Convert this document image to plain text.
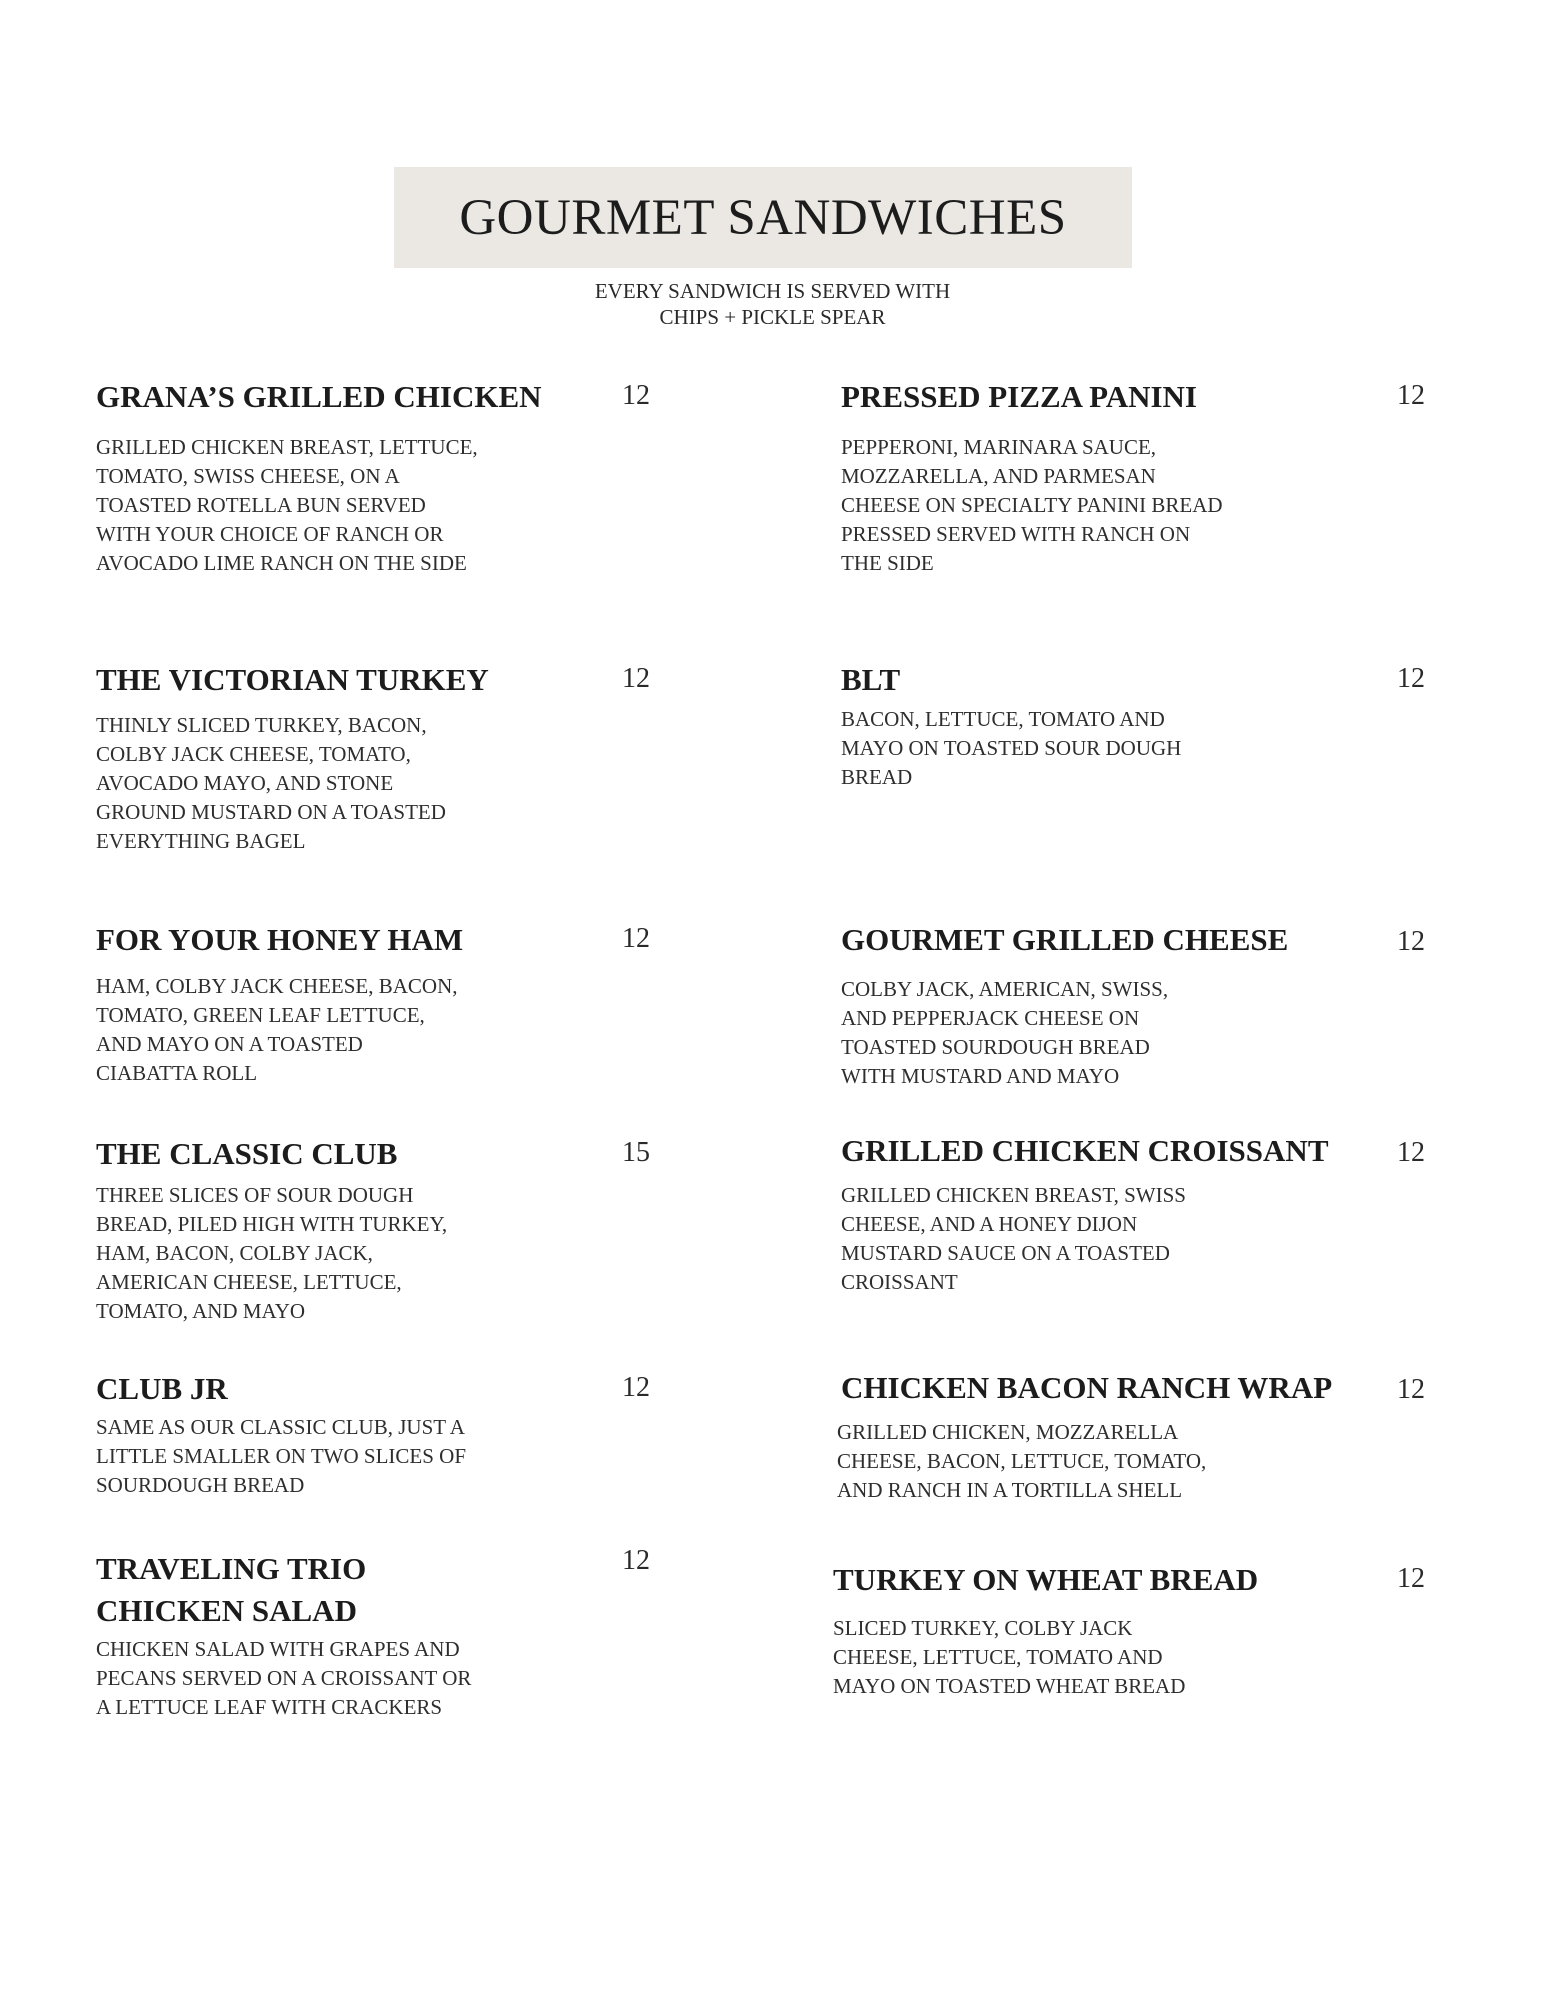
GOURMET SANDWICHES
EVERY SANDWICH IS SERVED WITH
CHIPS + PICKLE SPEAR
GRANA’S GRILLED CHICKEN	12
GRILLED CHICKEN BREAST, LETTUCE,
TOMATO, SWISS CHEESE, ON A
TOASTED ROTELLA BUN SERVED
WITH YOUR CHOICE OF RANCH OR
AVOCADO LIME RANCH ON THE SIDE
PRESSED PIZZA PANINI	12
PEPPERONI, MARINARA SAUCE,
MOZZARELLA, AND PARMESAN
CHEESE ON SPECIALTY PANINI BREAD
PRESSED SERVED WITH RANCH ON
THE SIDE
THE VICTORIAN TURKEY	12
THINLY SLICED TURKEY, BACON,
COLBY JACK CHEESE, TOMATO,
AVOCADO MAYO, AND STONE
GROUND MUSTARD ON A TOASTED
EVERYTHING BAGEL
BLT	12
BACON, LETTUCE, TOMATO AND
MAYO ON TOASTED SOUR DOUGH
BREAD
FOR YOUR HONEY HAM	12
HAM, COLBY JACK CHEESE, BACON,
TOMATO, GREEN LEAF LETTUCE,
AND MAYO ON A TOASTED
CIABATTA ROLL
GOURMET GRILLED CHEESE	12
COLBY JACK, AMERICAN, SWISS,
AND PEPPERJACK CHEESE ON
TOASTED SOURDOUGH BREAD
WITH MUSTARD AND MAYO
THE CLASSIC CLUB	15
THREE SLICES OF SOUR DOUGH
BREAD, PILED HIGH WITH TURKEY,
HAM, BACON, COLBY JACK,
AMERICAN CHEESE, LETTUCE,
TOMATO, AND MAYO
GRILLED CHICKEN CROISSANT 12
GRILLED CHICKEN BREAST, SWISS
CHEESE, AND A HONEY DIJON
MUSTARD SAUCE ON A TOASTED
CROISSANT
CLUB JR	12
SAME AS OUR CLASSIC CLUB, JUST A
LITTLE SMALLER ON TWO SLICES OF
SOURDOUGH BREAD
CHICKEN BACON RANCH WRAP 12
GRILLED CHICKEN, MOZZARELLA
CHEESE, BACON, LETTUCE, TOMATO,
AND RANCH IN A TORTILLA SHELL
TRAVELING TRIO
CHICKEN SALAD
12
CHICKEN SALAD WITH GRAPES AND
PECANS SERVED ON A CROISSANT OR
A LETTUCE LEAF WITH CRACKERS
TURKEY ON WHEAT BREAD	12
SLICED TURKEY, COLBY JACK
CHEESE, LETTUCE, TOMATO AND
MAYO ON TOASTED WHEAT BREAD
